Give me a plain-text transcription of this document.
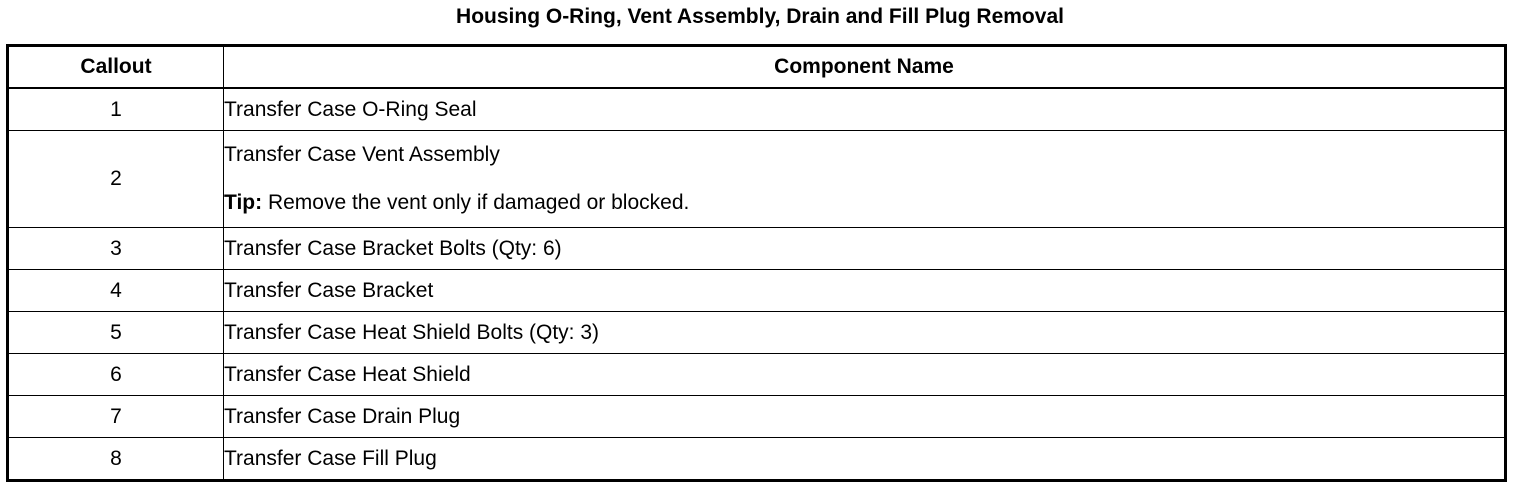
Housing O-Ring, Vent Assembly, Drain and Fill Plug Removal
Callout	Component Name
1	Transfer Case O-Ring Seal
2	Transfer Case Vent Assembly
Tip: Remove the vent only if damaged or blocked.

3	Transfer Case Bracket Bolts (Qty: 6)
4	Transfer Case Bracket
5	Transfer Case Heat Shield Bolts (Qty: 3)
6	Transfer Case Heat Shield
7	Transfer Case Drain Plug
8	Transfer Case Fill Plug
